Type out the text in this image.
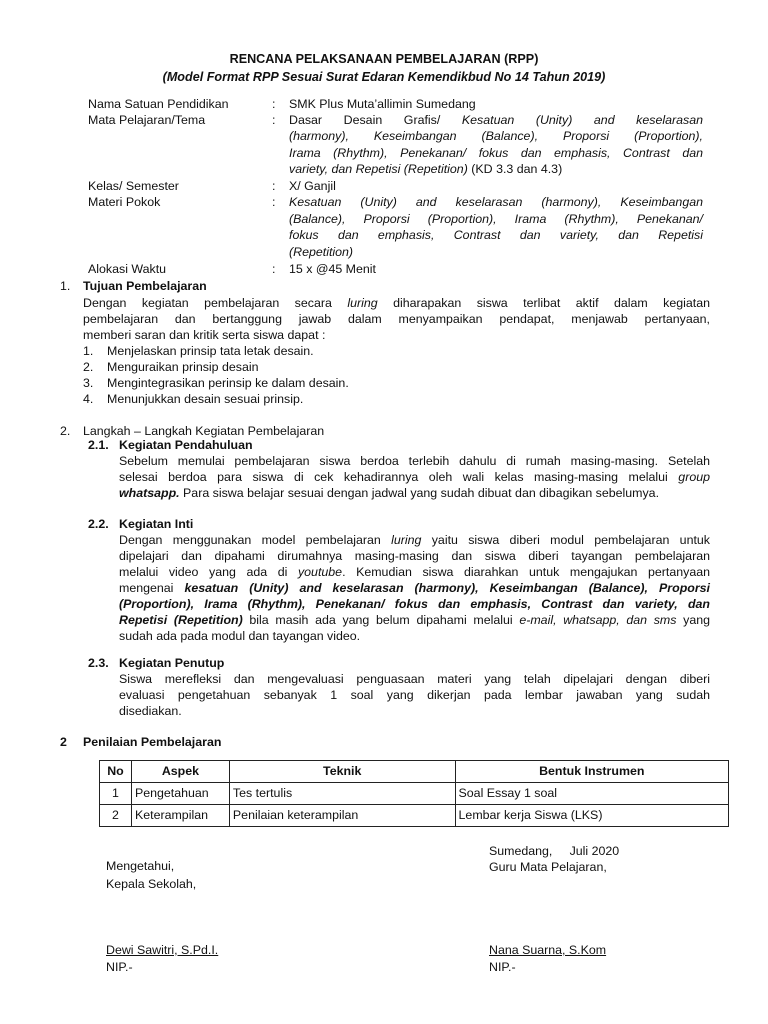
RENCANA PELAKSANAAN PEMBELAJARAN (RPP)
(Model Format RPP Sesuai Surat Edaran Kemendikbud No 14 Tahun 2019)
Nama Satuan Pendidikan	: SMK Plus Muta’allimin Sumedang
Mata Pelajaran/Tema	: Dasar Desain Grafis/ Kesatuan (Unity) and keselarasan
(harmony), Keseimbangan (Balance), Proporsi (Proportion),
Irama (Rhythm), Penekanan/ fokus dan emphasis, Contrast dan
variety, dan Repetisi (Repetition) (KD 3.3 dan 4.3)
Kelas/ Semester	: X/ Ganjil
Materi Pokok	: Kesatuan (Unity) and keselarasan (harmony), Keseimbangan
(Balance), Proporsi (Proportion), Irama (Rhythm), Penekanan/
fokus dan emphasis, Contrast dan variety, dan Repetisi
(Repetition)
Alokasi Waktu	: 15 x @45 Menit
1. Tujuan Pembelajaran
Dengan kegiatan pembelajaran secara luring diharapakan siswa terlibat aktif dalam kegiatan
pembelajaran dan bertanggung jawab dalam menyampaikan pendapat, menjawab pertanyaan,
memberi saran dan kritik serta siswa dapat :
1. Menjelaskan prinsip tata letak desain.
2. Menguraikan prinsip desain
3. Mengintegrasikan perinsip ke dalam desain.
4. Menunjukkan desain sesuai prinsip.
2. Langkah – Langkah Kegiatan Pembelajaran
2.1. Kegiatan Pendahuluan
Sebelum memulai pembelajaran siswa berdoa terlebih dahulu di rumah masing-masing. Setelah
selesai berdoa para siswa di cek kehadirannya oleh wali kelas masing-masing melalui group
whatsapp. Para siswa belajar sesuai dengan jadwal yang sudah dibuat dan dibagikan sebelumya.
2.2. Kegiatan Inti
Dengan menggunakan model pembelajaran luring yaitu siswa diberi modul pembelajaran untuk
dipelajari dan dipahami dirumahnya masing-masing dan siswa diberi tayangan pembelajaran
melalui video yang ada di youtube. Kemudian siswa diarahkan untuk mengajukan pertanyaan
mengenai kesatuan (Unity) and keselarasan (harmony), Keseimbangan (Balance), Proporsi
(Proportion), Irama (Rhythm), Penekanan/ fokus dan emphasis, Contrast dan variety, dan
Repetisi (Repetition) bila masih ada yang belum dipahami melalui e-mail, whatsapp, dan sms yang
sudah ada pada modul dan tayangan video.
2.3. Kegiatan Penutup
Siswa merefleksi dan mengevaluasi penguasaan materi yang telah dipelajari dengan diberi
evaluasi pengetahuan sebanyak 1 soal yang dikerjan pada lembar jawaban yang sudah
disediakan.
2 Penilaian Pembelajaran
No	Aspek	Teknik	Bentuk Instrumen
1	Pengetahuan	Tes tertulis	Soal Essay 1 soal
2	Keterampilan	Penilaian keterampilan	Lembar kerja Siswa (LKS)
Sumedang,     Juli 2020
Guru Mata Pelajaran,
Mengetahui,
Kepala Sekolah,
Dewi Sawitri, S.Pd.I.
NIP.-
Nana Suarna, S.Kom
NIP.-
